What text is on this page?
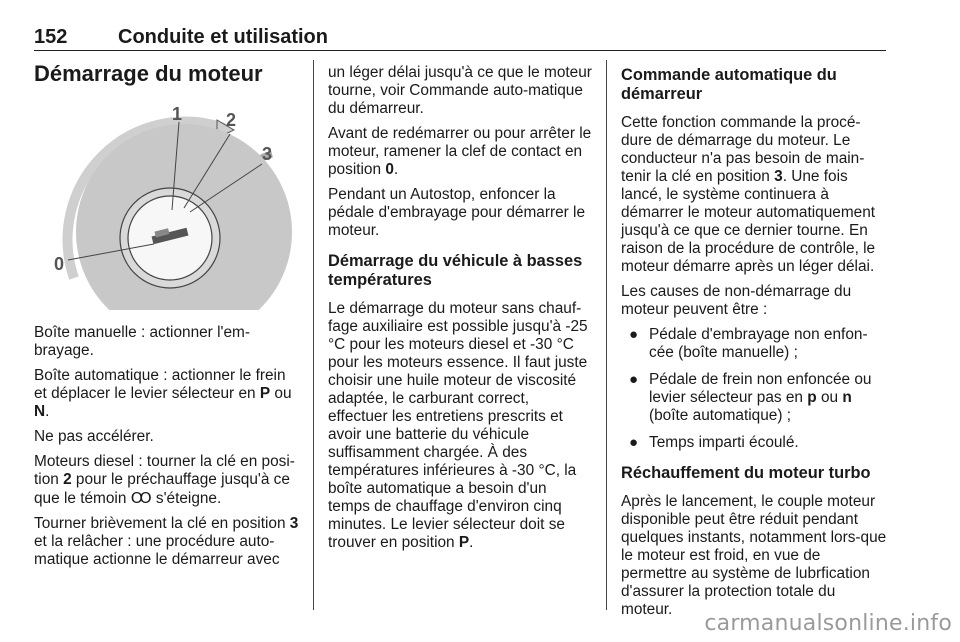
152	Conduite et utilisation
Démarrage du moteur
0
1 2
3

Boîte manuelle : actionner l'em-brayage.

Boîte automatique : actionner le frein et déplacer le levier sélecteur en P ou N.

Ne pas accélérer.

Moteurs diesel : tourner la clé en posi-tion 2 pour le préchauffage jusqu'à ce que le témoin Ꝏ s'éteigne.

Tourner brièvement la clé en position 3 et la relâcher : une procédure auto-matique actionne le démarreur avec

un léger délai jusqu'à ce que le moteur tourne, voir Commande auto-matique du démarreur.

Avant de redémarrer ou pour arrêter le moteur, ramener la clef de contact en position 0.

Pendant un Autostop, enfoncer la pédale d'embrayage pour démarrer le moteur.

Démarrage du véhicule à basses températures

Le démarrage du moteur sans chauf-fage auxiliaire est possible jusqu'à -25 °C pour les moteurs diesel et -30 °C pour les moteurs essence. Il faut juste choisir une huile moteur de viscosité adaptée, le carburant correct, effectuer les entretiens prescrits et avoir une batterie du véhicule suffisamment chargée. À des températures inférieures à -30 °C, la boîte automatique a besoin d'un temps de chauffage d'environ cinq minutes. Le levier sélecteur doit se trouver en position P.

Commande automatique du démarreur

Cette fonction commande la procé-dure de démarrage du moteur. Le conducteur n'a pas besoin de main-tenir la clé en position 3. Une fois lancé, le système continuera à démarrer le moteur automatiquement jusqu'à ce que ce dernier tourne. En raison de la procédure de contrôle, le moteur démarre après un léger délai.

Les causes de non-démarrage du moteur peuvent être :

● Pédale d'embrayage non enfon-cée (boîte manuelle) ;
● Pédale de frein non enfoncée ou levier sélecteur pas en p ou n (boîte automatique) ;
● Temps imparti écoulé.
Réchauffement du moteur turbo

Après le lancement, le couple moteur disponible peut être réduit pendant quelques instants, notamment lors-que le moteur est froid, en vue de permettre au système de lubrfication d'assurer la protection totale du moteur.

carmanualsonline.info
